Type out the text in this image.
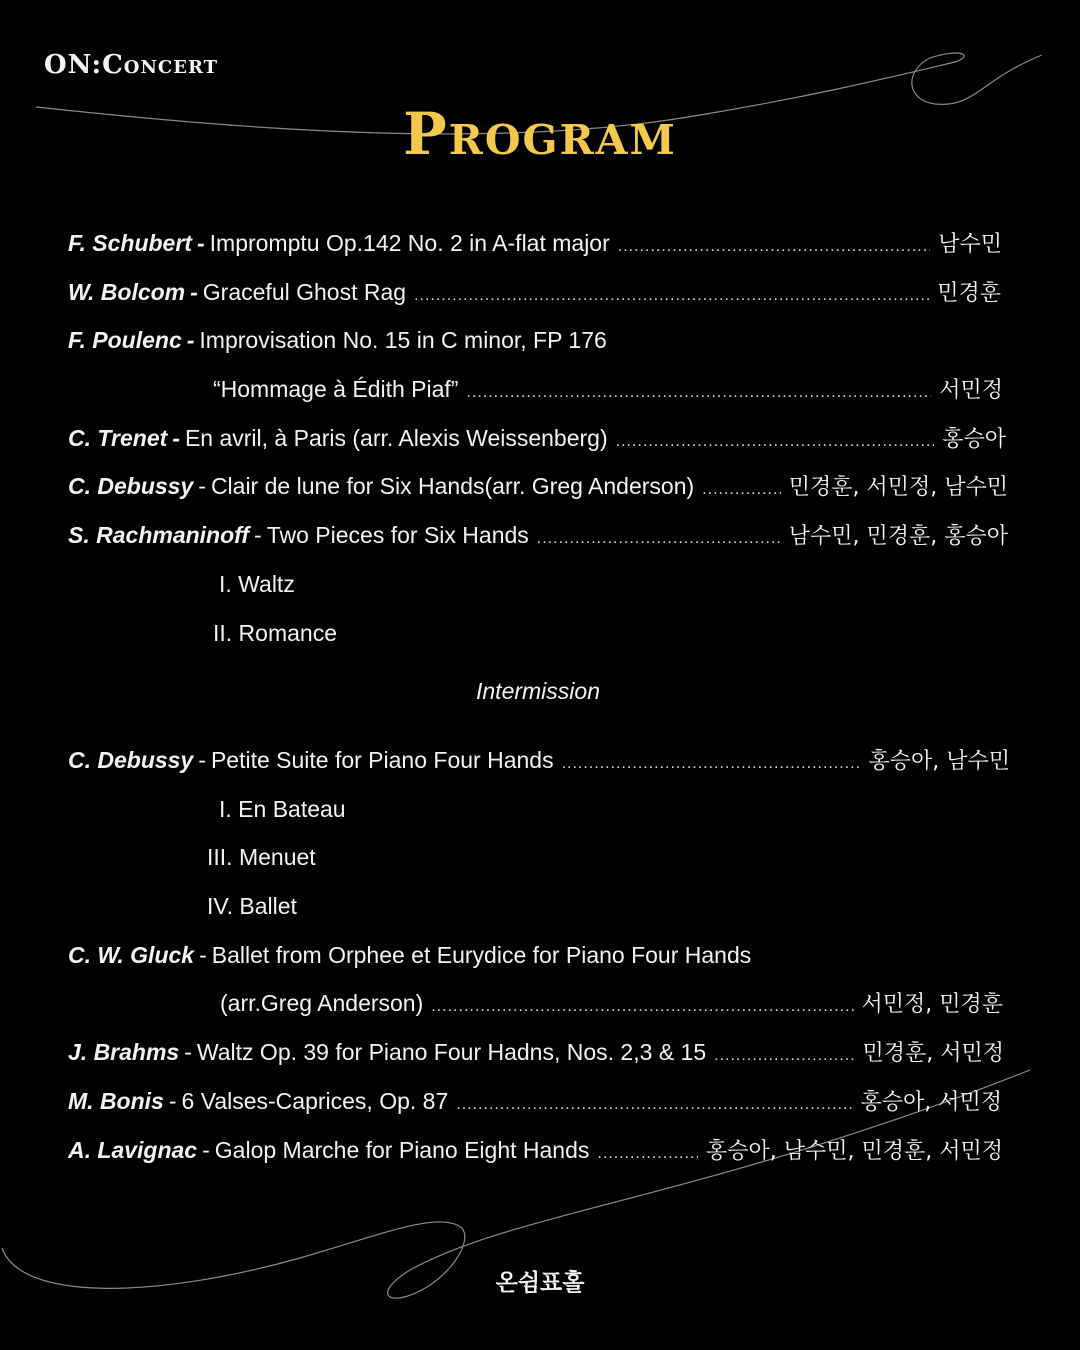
ON:Concert
Program
F. Schubert - Impromptu Op.142 No. 2 in A-flat major .....	남수민
W. Bolcom - Graceful Ghost Rag .....	민경훈
F. Poulenc - Improvisation No. 15 in C minor, FP 176
“Hommage à Édith Piaf” .....	서민정
C. Trenet - En avril, à Paris (arr. Alexis Weissenberg) .....	홍승아
C. Debussy - Clair de lune for Six Hands(arr. Greg Anderson) .....	민경훈, 서민정, 남수민
S. Rachmaninoff - Two Pieces for Six Hands .....	남수민, 민경훈, 홍승아
I. Waltz
II. Romance
Intermission
C. Debussy - Petite Suite for Piano Four Hands .....	홍승아, 남수민
I. En Bateau
III. Menuet
IV. Ballet
C. W. Gluck - Ballet from Orphee et Eurydice for Piano Four Hands
(arr.Greg Anderson) .....	서민정, 민경훈
J. Brahms - Waltz Op. 39 for Piano Four Hadns, Nos. 2,3 & 15 .....	민경훈, 서민정
M. Bonis - 6 Valses-Caprices, Op. 87 .....	홍승아, 서민정
A. Lavignac - Galop Marche for Piano Eight Hands .....	홍승아, 남수민, 민경훈, 서민정
온쉼표홀
